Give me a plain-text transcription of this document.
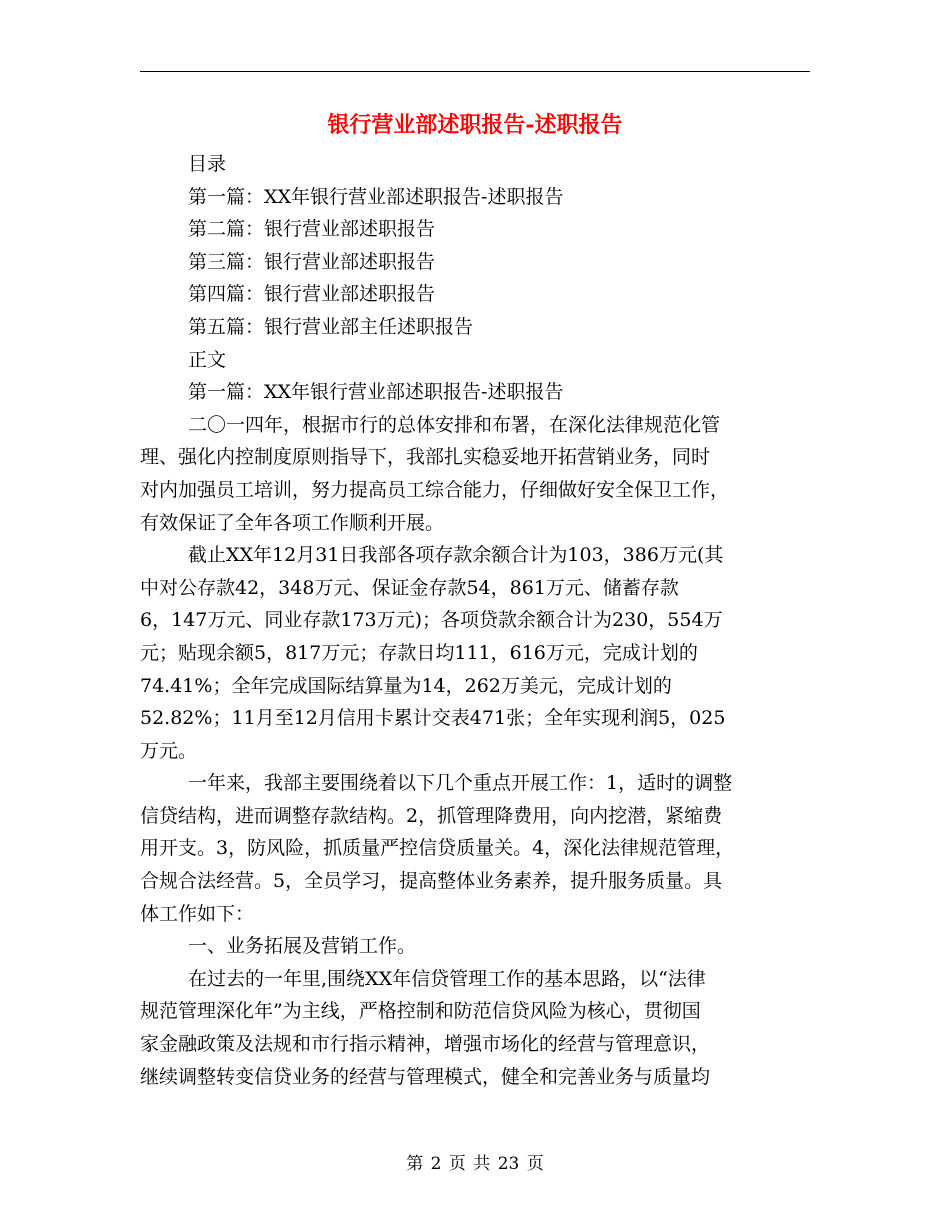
银行营业部述职报告-述职报告
目录
第一篇：XX年银行营业部述职报告-述职报告
第二篇：银行营业部述职报告
第三篇：银行营业部述职报告
第四篇：银行营业部述职报告
第五篇：银行营业部主任述职报告
正文
第一篇：XX年银行营业部述职报告-述职报告
二〇一四年，根据市行的总体安排和布署，在深化法律规范化管
理、强化内控制度原则指导下，我部扎实稳妥地开拓营销业务，同时
对内加强员工培训，努力提高员工综合能力，仔细做好安全保卫工作，
有效保证了全年各项工作顺利开展。
截止XX年12月31日我部各项存款余额合计为103，386万元(其
中对公存款42，348万元、保证金存款54，861万元、储蓄存款
6，147万元、同业存款173万元)；各项贷款余额合计为230，554万
元；贴现余额5，817万元；存款日均111，616万元，完成计划的
74.41%；全年完成国际结算量为14，262万美元，完成计划的
52.82%；11月至12月信用卡累计交表471张；全年实现利润5，025
万元。
一年来，我部主要围绕着以下几个重点开展工作：1，适时的调整
信贷结构，进而调整存款结构。2，抓管理降费用，向内挖潜，紧缩费
用开支。3，防风险，抓质量严控信贷质量关。4，深化法律规范管理，
合规合法经营。5，全员学习，提高整体业务素养，提升服务质量。具
体工作如下：
一、业务拓展及营销工作。
在过去的一年里,围绕XX年信贷管理工作的基本思路，以“法律
规范管理深化年”为主线，严格控制和防范信贷风险为核心，贯彻国
家金融政策及法规和市行指示精神，增强市场化的经营与管理意识，
继续调整转变信贷业务的经营与管理模式，健全和完善业务与质量均
第 2 页 共 23 页
